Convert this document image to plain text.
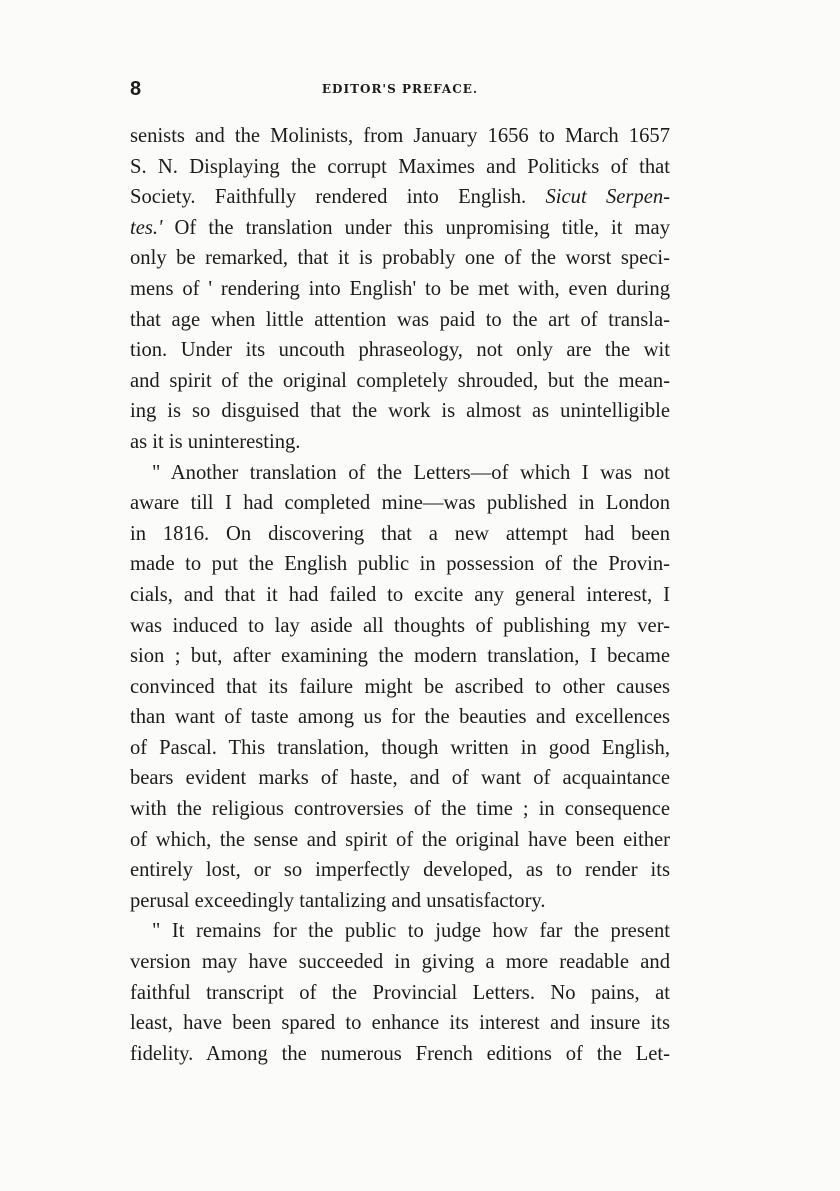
8	EDITOR'S PREFACE.
senists and the Molinists, from January 1656 to March 1657
S. N. Displaying the corrupt Maximes and Politicks of that
Society. Faithfully rendered into English. Sicut Serpen-
tes.' Of the translation under this unpromising title, it may
only be remarked, that it is probably one of the worst speci-
mens of ' rendering into English' to be met with, even during
that age when little attention was paid to the art of transla-
tion. Under its uncouth phraseology, not only are the wit
and spirit of the original completely shrouded, but the mean-
ing is so disguised that the work is almost as unintelligible
as it is uninteresting.
" Another translation of the Letters—of which I was not
aware till I had completed mine—was published in London
in 1816. On discovering that a new attempt had been
made to put the English public in possession of the Provin-
cials, and that it had failed to excite any general interest, I
was induced to lay aside all thoughts of publishing my ver-
sion ; but, after examining the modern translation, I became
convinced that its failure might be ascribed to other causes
than want of taste among us for the beauties and excellences
of Pascal. This translation, though written in good English,
bears evident marks of haste, and of want of acquaintance
with the religious controversies of the time ; in consequence
of which, the sense and spirit of the original have been either
entirely lost, or so imperfectly developed, as to render its
perusal exceedingly tantalizing and unsatisfactory.
" It remains for the public to judge how far the present
version may have succeeded in giving a more readable and
faithful transcript of the Provincial Letters. No pains, at
least, have been spared to enhance its interest and insure its
fidelity. Among the numerous French editions of the Let-
